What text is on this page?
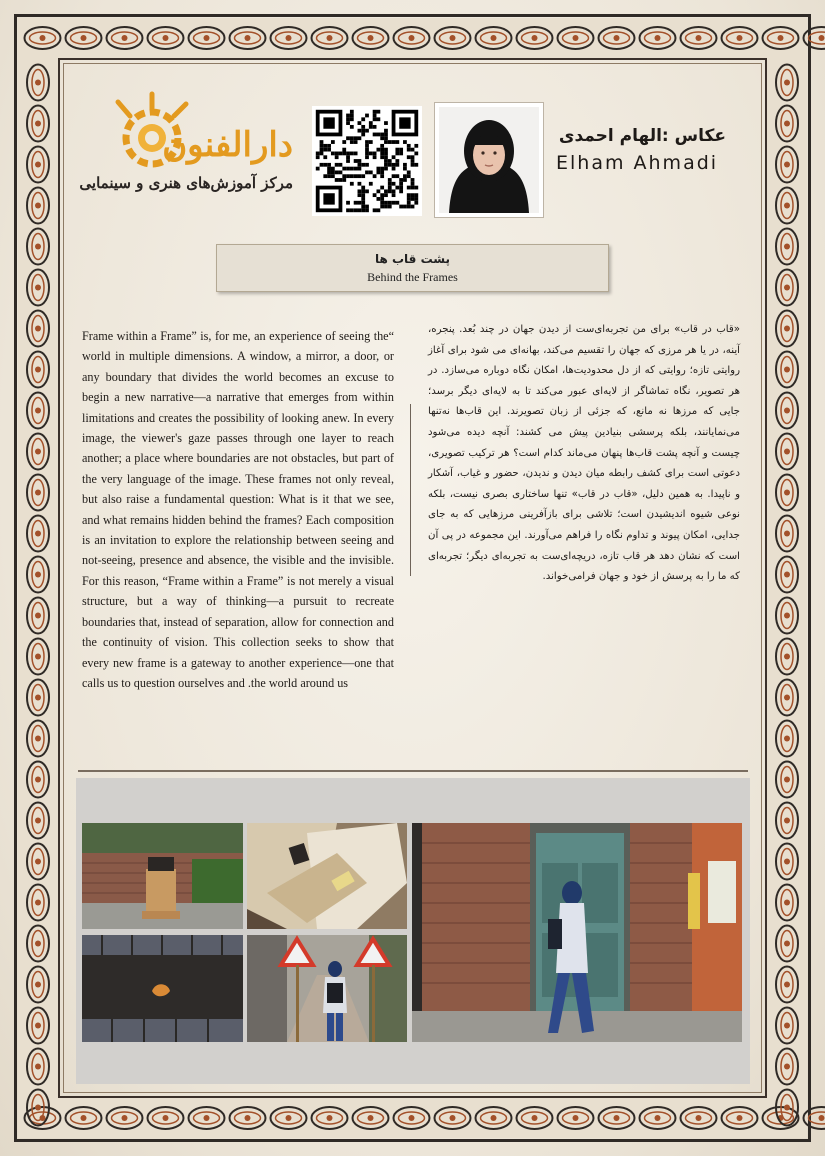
دارالفنون
مرکز آموزش‌های هنری و سینمایی
عکاس :الهام احمدی
Elham Ahmadi
پشت قاب ها
Behind the Frames
Frame within a Frame” is, for me, an experience of seeing the“ world in multiple dimensions. A window, a mirror, a door, or any boundary that divides the world becomes an excuse to begin a new narrative—a narrative that emerges from within limitations and creates the possibility of looking anew. In every image, the viewer's gaze passes through one layer to reach another; a place where boundaries are not obstacles, but part of the very language of the image. These frames not only reveal, but also raise a fundamental question: What is it that we see, and what remains hidden behind the frames? Each composition is an invitation to explore the relationship between seeing and not-seeing, presence and absence, the visible and the invisible. For this reason, “Frame within a Frame” is not merely a visual structure, but a way of thinking—a pursuit to recreate boundaries that, instead of separation, allow for connection and the continuity of vision. This collection seeks to show that every new frame is a gateway to another experience—one that calls us to question ourselves and .the world around us
«قاب در قاب» برای من تجربه‌ای‌ست از دیدن جهان در چند بُعد. پنجره، آینه، در یا هر مرزی که جهان را تقسیم می‌کند، بهانه‌ای می شود برای آغاز روایتی تازه؛ روایتی که از دل محدودیت‌ها، امکان نگاه دوباره می‌سازد. در هر تصویر، نگاه تماشاگر از لایه‌ای عبور می‌کند تا به لایه‌ای دیگر برسد؛ جایی که مرزها نه مانع، که جزئی از زبان تصویرند. این قاب‌ها نه‌تنها می‌نمایانند، بلکه پرسشی بنیادین پیش می کشند: آنچه دیده می‌شود چیست و آنچه پشت قاب‌ها پنهان می‌ماند کدام است؟ هر ترکیب تصویری، دعوتی است برای کشف رابطه میان دیدن و ندیدن، حضور و غیاب، آشکار و ناپیدا. به همین دلیل، «قاب در قاب» تنها ساختاری بصری نیست، بلکه نوعی شیوه اندیشیدن است؛ تلاشی برای بازآفرینی مرزهایی که به جای جدایی، امکان پیوند و تداوم نگاه را فراهم می‌آورند. این مجموعه در پی آن است که نشان دهد هر قاب تازه، دریچه‌ای‌ست به تجربه‌ای دیگر؛ تجربه‌ای که ما را به پرسش از خود و جهان فرامی‌خواند.
